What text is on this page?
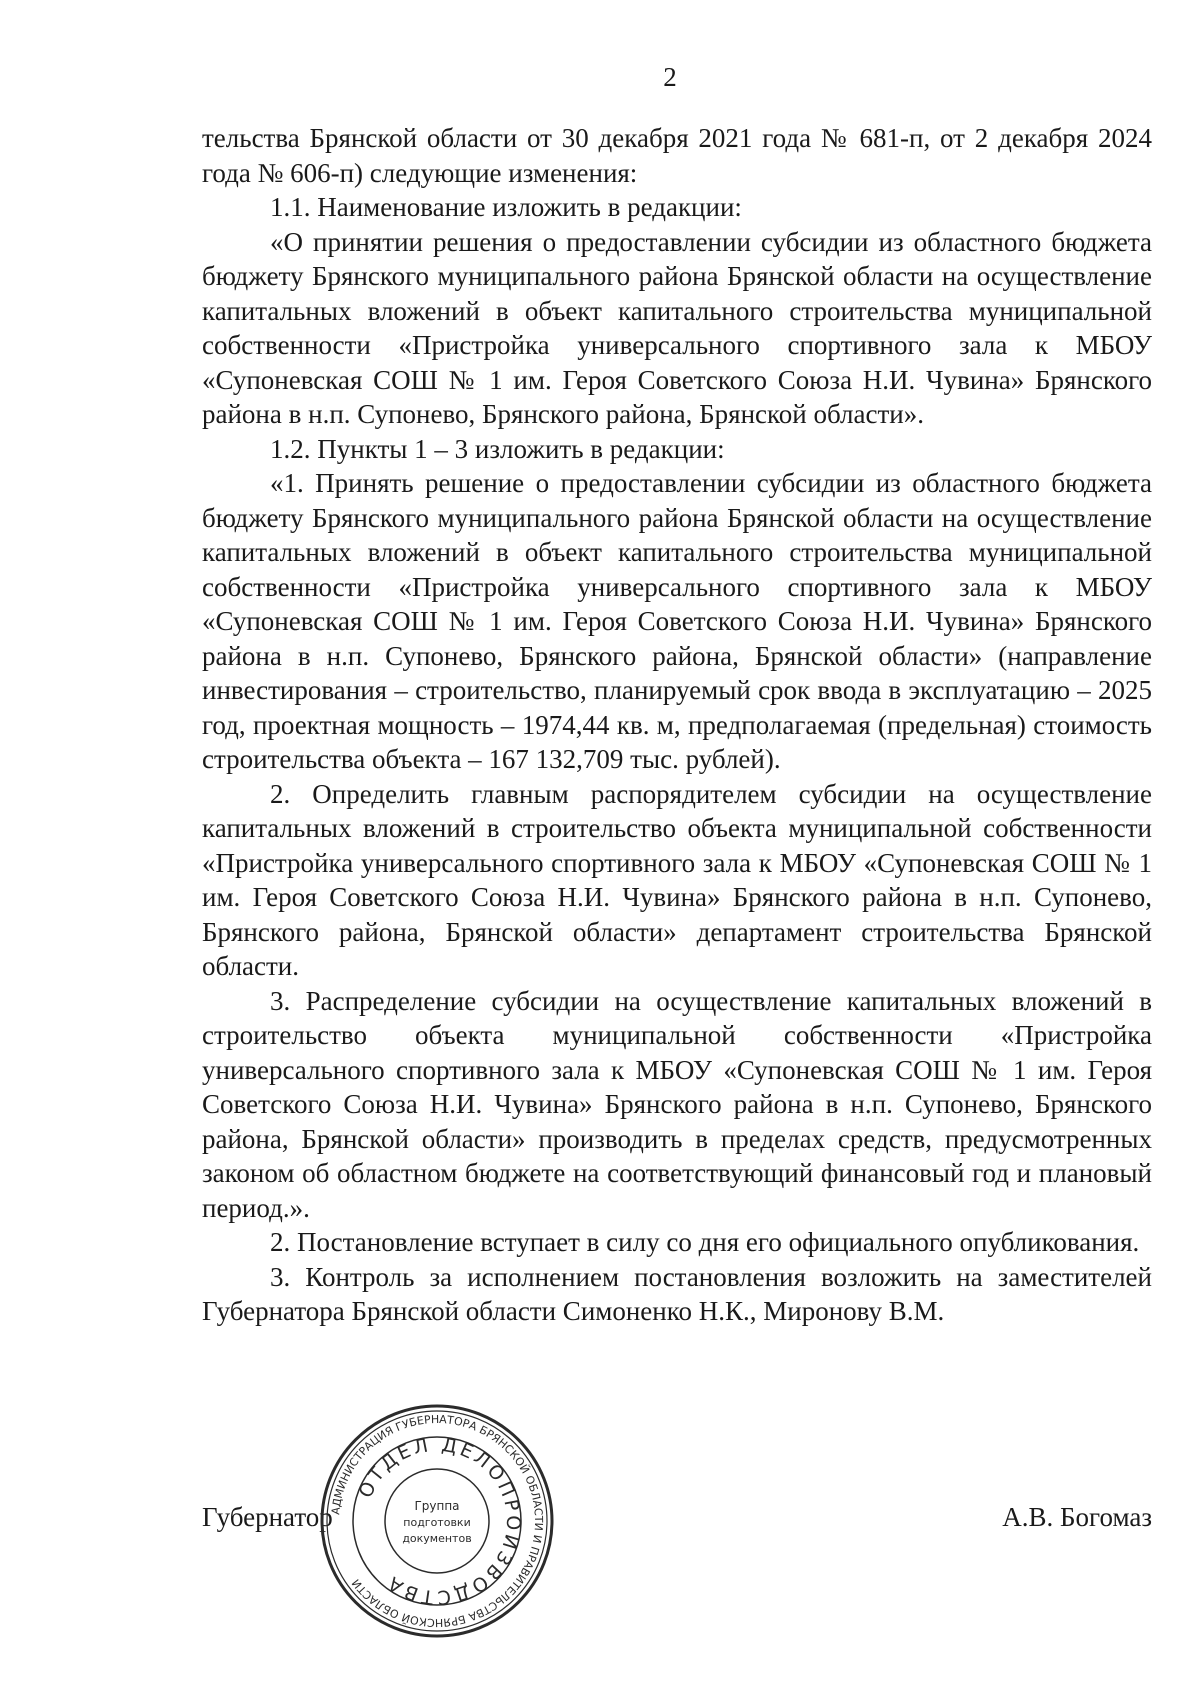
2

тельства Брянской области от 30 декабря 2021 года № 681-п, от 2 декабря 2024 года № 606-п) следующие изменения:

1.1. Наименование изложить в редакции:

«О принятии решения о предоставлении субсидии из областного бюджета бюджету Брянского муниципального района Брянской области на осуществление капитальных вложений в объект капитального строительства муниципальной собственности «Пристройка универсального спортивного зала к МБОУ «Супоневская СОШ № 1 им. Героя Советского Союза Н.И. Чувина» Брянского района в н.п. Супонево, Брянского района, Брянской области».

1.2. Пункты 1 – 3 изложить в редакции:

«1. Принять решение о предоставлении субсидии из областного бюджета бюджету Брянского муниципального района Брянской области на осуществление капитальных вложений в объект капитального строительства муниципальной собственности «Пристройка универсального спортивного зала к МБОУ «Супоневская СОШ № 1 им. Героя Советского Союза Н.И. Чувина» Брянского района в н.п. Супонево, Брянского района, Брянской области» (направление инвестирования – строительство, планируемый срок ввода в эксплуатацию – 2025 год, проектная мощность – 1974,44 кв. м, предполагаемая (предельная) стоимость строительства объекта – 167 132,709 тыс. рублей).

2. Определить главным распорядителем субсидии на осуществление капитальных вложений в строительство объекта муниципальной собственности «Пристройка универсального спортивного зала к МБОУ «Супоневская СОШ № 1 им. Героя Советского Союза Н.И. Чувина» Брянского района в н.п. Супонево, Брянского района, Брянской области» департамент строительства Брянской области.

3. Распределение субсидии на осуществление капитальных вложений в строительство объекта муниципальной собственности «Пристройка универсального спортивного зала к МБОУ «Супоневская СОШ № 1 им. Героя Советского Союза Н.И. Чувина» Брянского района в н.п. Супонево, Брянского района, Брянской области» производить в пределах средств, предусмотренных законом об областном бюджете на соответствующий финансовый год и плановый период.».

2. Постановление вступает в силу со дня его официального опубликования.

3. Контроль за исполнением постановления возложить на заместителей Губернатора Брянской области Симоненко Н.К., Миронову В.М.

Губернатор	А.В. Богомаз
АДМИНИСТРАЦИЯ ГУБЕРНАТОРА БРЯНСКОЙ ОБЛАСТИ И ПРАВИТЕЛЬСТВА БРЯНСКОЙ ОБЛАСТИ
ОТДЕЛ ДЕЛОПРОИЗВОДСТВА
Группа
подготовки
документов
